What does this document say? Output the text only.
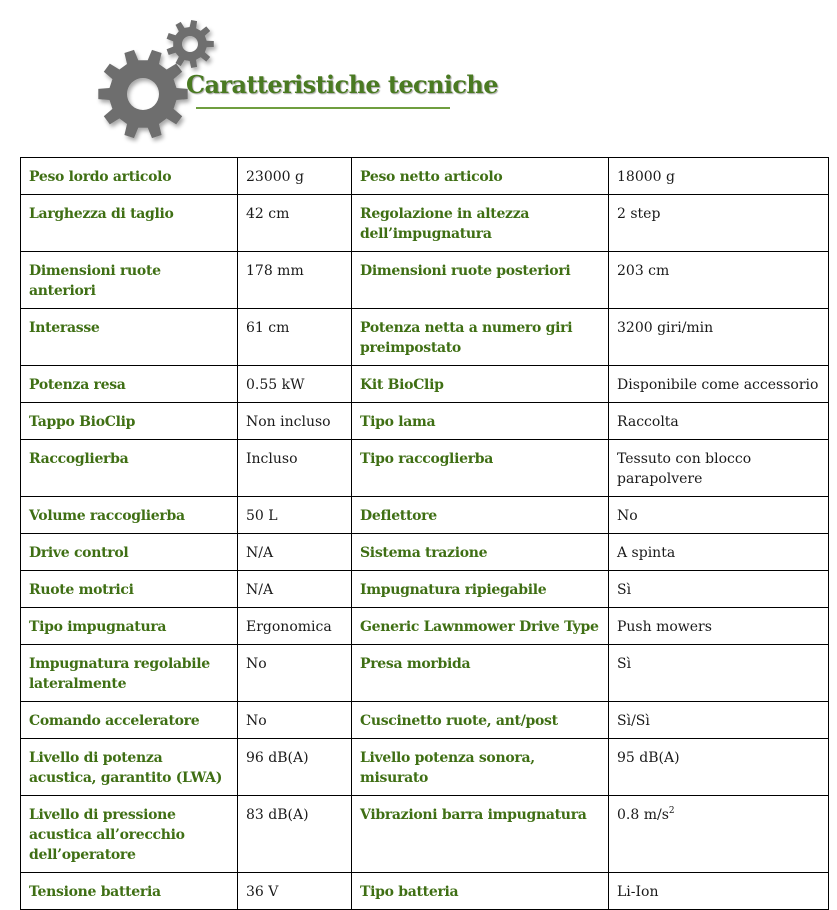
Caratteristiche tecniche
Peso lordo articolo	23000 g	Peso netto articolo	18000 g
Larghezza di taglio	42 cm	Regolazione in altezza dell’impugnatura	2 step
Dimensioni ruote anteriori	178 mm	Dimensioni ruote posteriori	203 cm
Interasse	61 cm	Potenza netta a numero giri preimpostato	3200 giri/min
Potenza resa	0.55 kW	Kit BioClip	Disponibile come accessorio
Tappo BioClip	Non incluso	Tipo lama	Raccolta
Raccoglierba	Incluso	Tipo raccoglierba	Tessuto con blocco parapolvere
Volume raccoglierba	50 L	Deflettore	No
Drive control	N/A	Sistema trazione	A spinta
Ruote motrici	N/A	Impugnatura ripiegabile	Sì
Tipo impugnatura	Ergonomica	Generic Lawnmower Drive Type	Push mowers
Impugnatura regolabile lateralmente	No	Presa morbida	Sì
Comando acceleratore	No	Cuscinetto ruote, ant/post	Sì/Sì
Livello di potenza acustica, garantito (LWA)	96 dB(A)	Livello potenza sonora, misurato	95 dB(A)
Livello di pressione acustica all’orecchio dell’operatore	83 dB(A)	Vibrazioni barra impugnatura	0.8 $m/s^2$
Tensione batteria	36 V	Tipo batteria	Li-Ion
